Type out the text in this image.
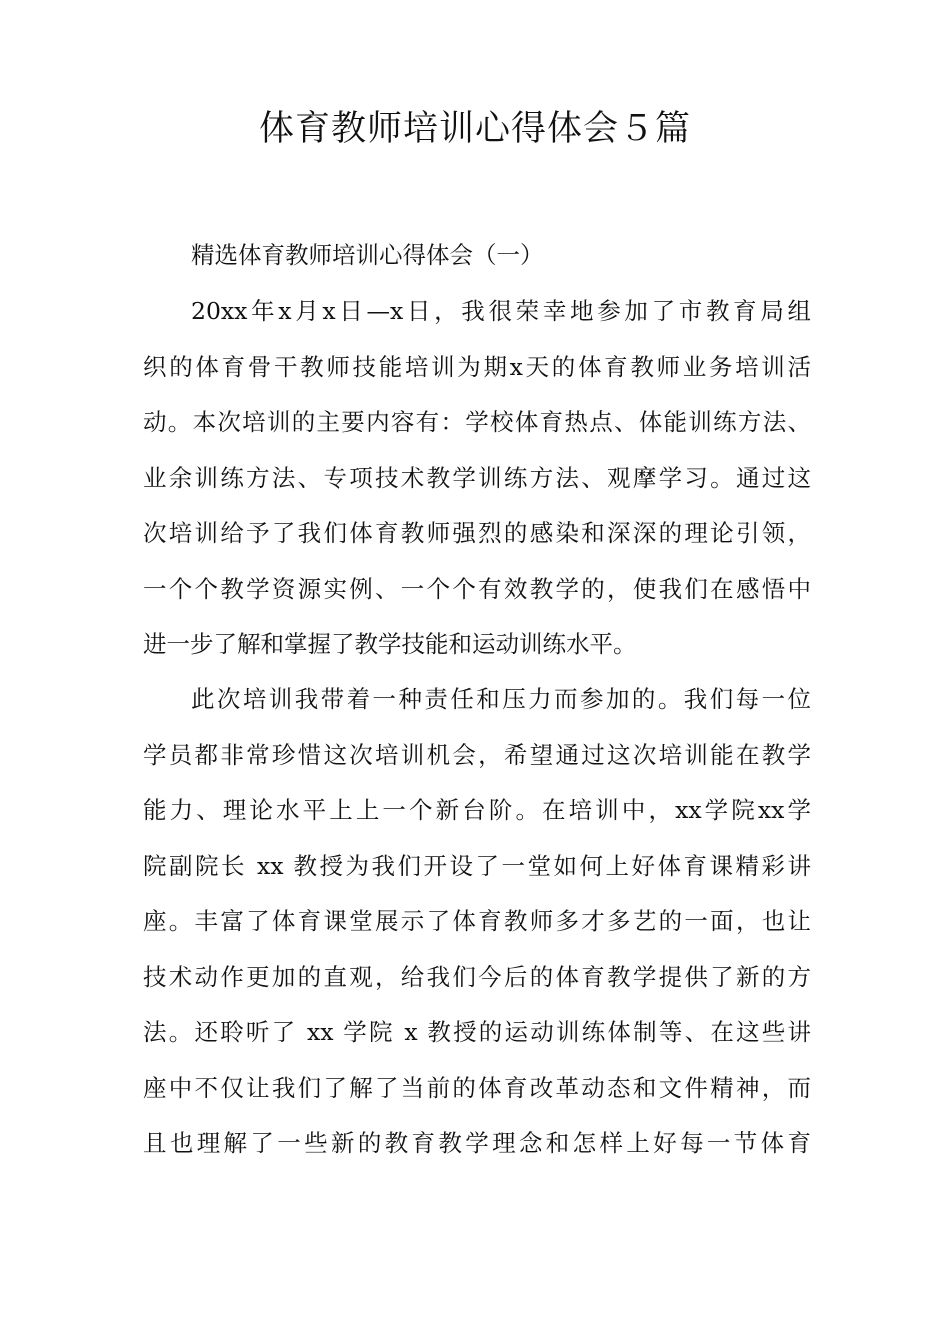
体育教师培训心得体会５篇
精选体育教师培训心得体会（一）
20xx年x月x日—x日，我很荣幸地参加了市教育局组
织的体育骨干教师技能培训为期x天的体育教师业务培训活
动。本次培训的主要内容有：学校体育热点、体能训练方法、
业余训练方法、专项技术教学训练方法、观摩学习。通过这
次培训给予了我们体育教师强烈的感染和深深的理论引领，
一个个教学资源实例、一个个有效教学的，使我们在感悟中
进一步了解和掌握了教学技能和运动训练水平。
此次培训我带着一种责任和压力而参加的。我们每一位
学员都非常珍惜这次培训机会，希望通过这次培训能在教学
能力、理论水平上上一个新台阶。在培训中，xx学院xx学
院副院长 xx 教授为我们开设了一堂如何上好体育课精彩讲
座。丰富了体育课堂展示了体育教师多才多艺的一面，也让
技术动作更加的直观，给我们今后的体育教学提供了新的方
法。还聆听了 xx 学院 x 教授的运动训练体制等、在这些讲
座中不仅让我们了解了当前的体育改革动态和文件精神，而
且也理解了一些新的教育教学理念和怎样上好每一节体育
